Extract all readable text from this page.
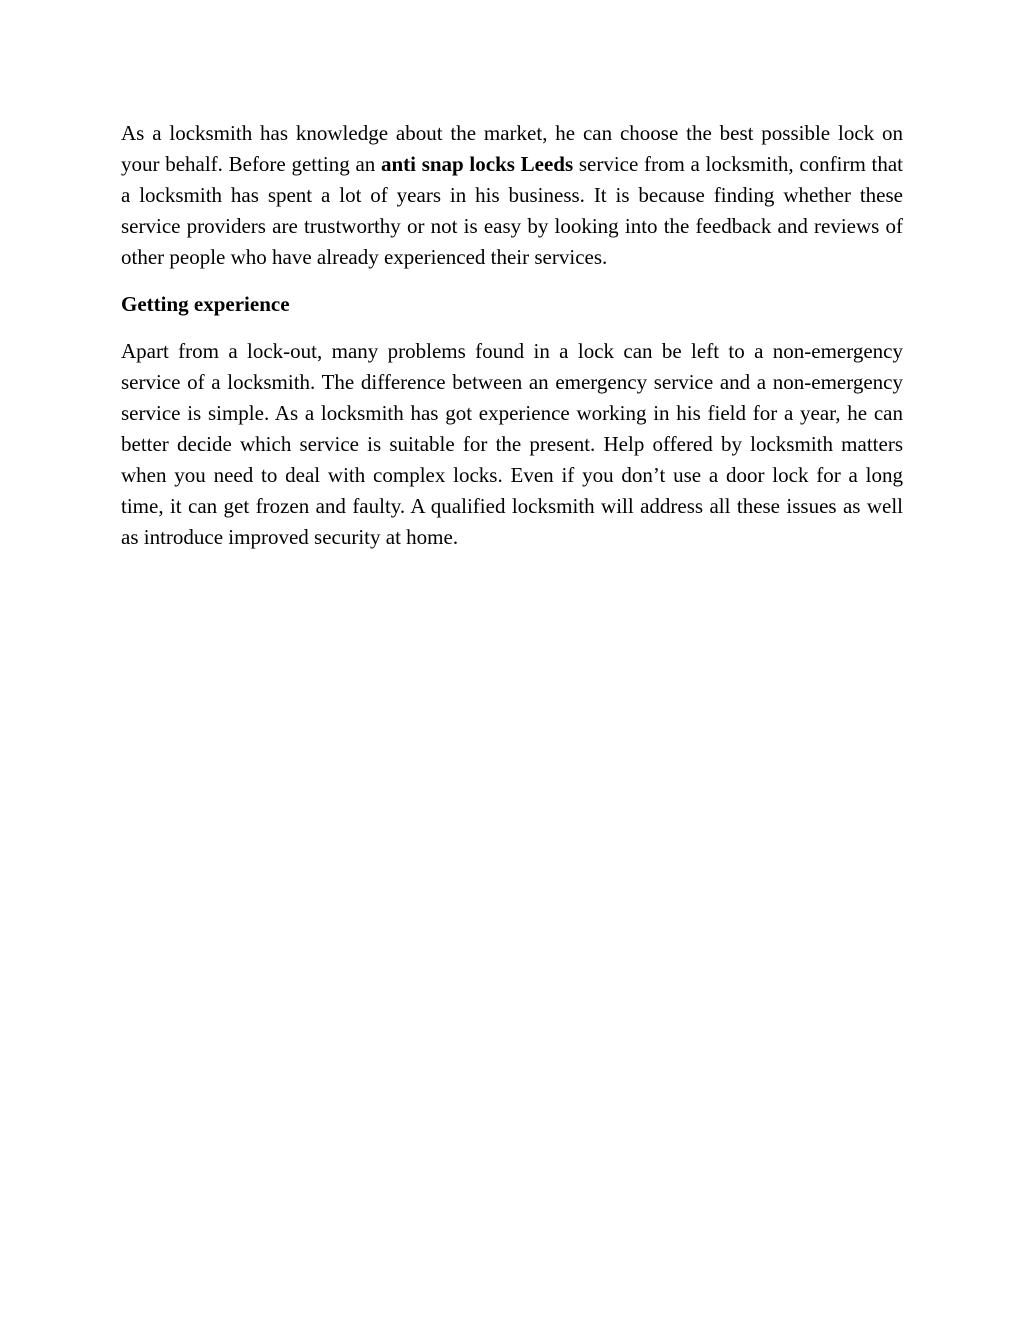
As a locksmith has knowledge about the market, he can choose the best possible lock on your behalf. Before getting an anti snap locks Leeds service from a locksmith, confirm that a locksmith has spent a lot of years in his business. It is because finding whether these service providers are trustworthy or not is easy by looking into the feedback and reviews of other people who have already experienced their services.

Getting experience

Apart from a lock-out, many problems found in a lock can be left to a non-emergency service of a locksmith. The difference between an emergency service and a non-emergency service is simple. As a locksmith has got experience working in his field for a year, he can better decide which service is suitable for the present. Help offered by locksmith matters when you need to deal with complex locks. Even if you don’t use a door lock for a long time, it can get frozen and faulty. A qualified locksmith will address all these issues as well as introduce improved security at home.
